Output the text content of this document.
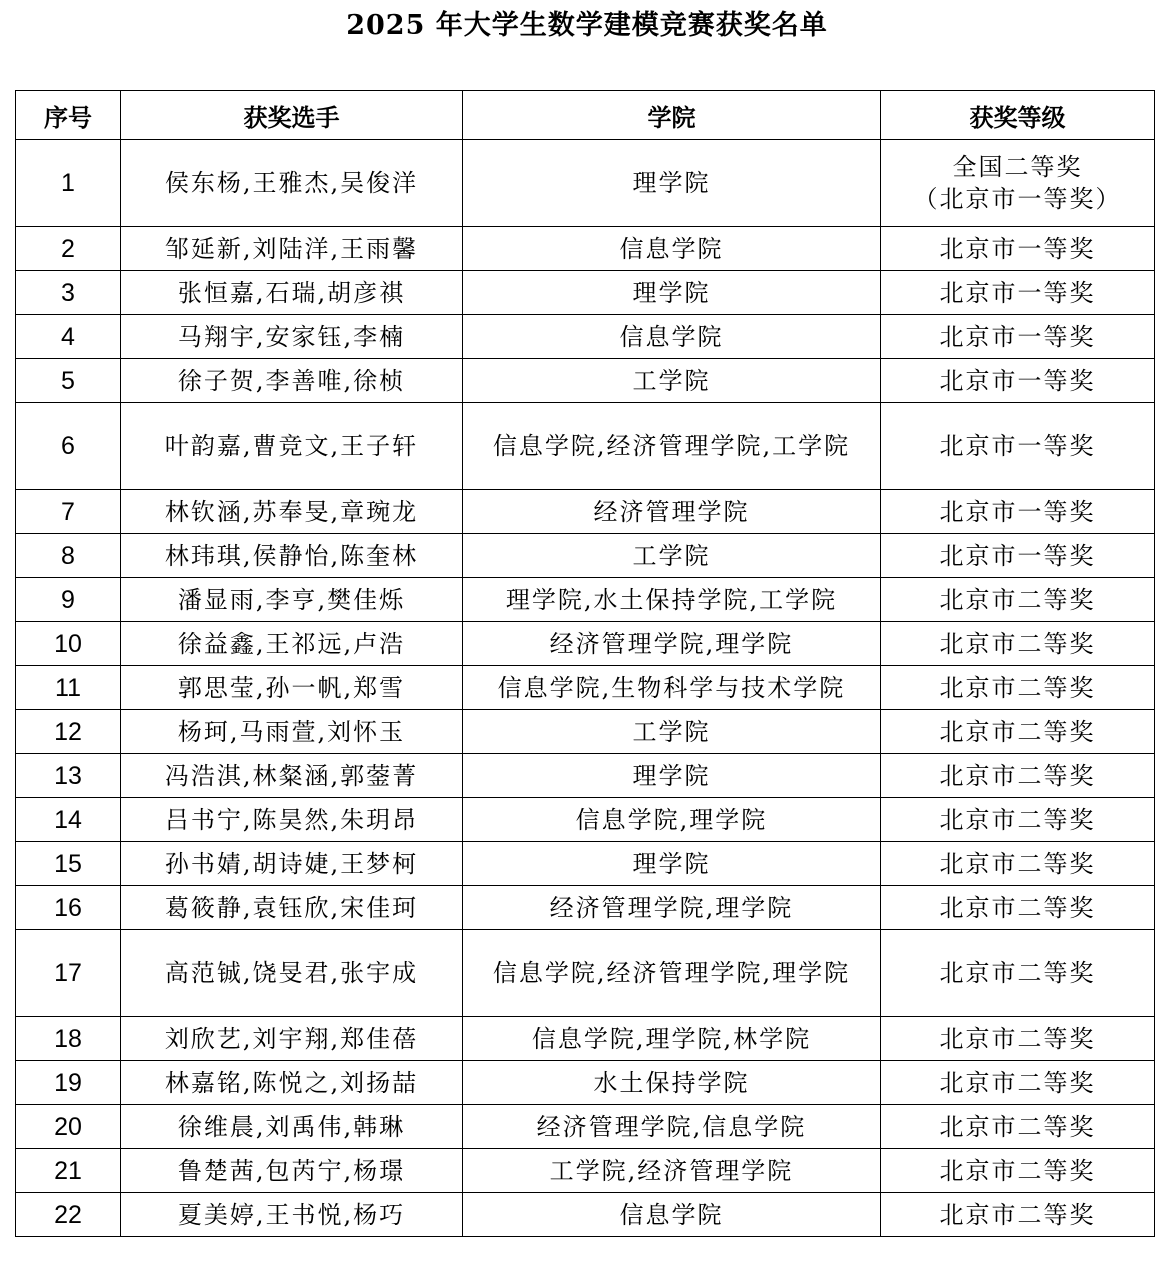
2025 年大学生数学建模竞赛获奖名单
序号	获奖选手	学院	获奖等级
1	侯东杨,王雅杰,吴俊洋	理学院	全国二等奖
（北京市一等奖）

2	邹延新,刘陆洋,王雨馨	信息学院	北京市一等奖

3	张恒嘉,石瑞,胡彦祺	理学院	北京市一等奖

4	马翔宇,安家钰,李楠	信息学院	北京市一等奖

5	徐子贺,李善唯,徐桢	工学院	北京市一等奖

6	叶韵嘉,曹竞文,王子轩	信息学院,经济管理学院,工学院	北京市一等奖

7	林钦涵,苏奉旻,章琬龙	经济管理学院	北京市一等奖

8	林玮琪,侯静怡,陈奎林	工学院	北京市一等奖

9	潘显雨,李亨,樊佳烁	理学院,水土保持学院,工学院	北京市二等奖

10	徐益鑫,王祁远,卢浩	经济管理学院,理学院	北京市二等奖

11	郭思莹,孙一帆,郑雪	信息学院,生物科学与技术学院	北京市二等奖

12	杨珂,马雨萱,刘怀玉	工学院	北京市二等奖

13	冯浩淇,林粲涵,郭蓥菁	理学院	北京市二等奖

14	吕书宁,陈昊然,朱玥昂	信息学院,理学院	北京市二等奖

15	孙书婧,胡诗婕,王梦柯	理学院	北京市二等奖

16	葛筱静,袁钰欣,宋佳珂	经济管理学院,理学院	北京市二等奖

17	高范铖,饶旻君,张宇成	信息学院,经济管理学院,理学院	北京市二等奖

18	刘欣艺,刘宇翔,郑佳蓓	信息学院,理学院,林学院	北京市二等奖

19	林嘉铭,陈悦之,刘扬喆	水土保持学院	北京市二等奖

20	徐维晨,刘禹伟,韩琳	经济管理学院,信息学院	北京市二等奖

21	鲁楚茜,包芮宁,杨璟	工学院,经济管理学院	北京市二等奖

22	夏美婷,王书悦,杨巧	信息学院	北京市二等奖
